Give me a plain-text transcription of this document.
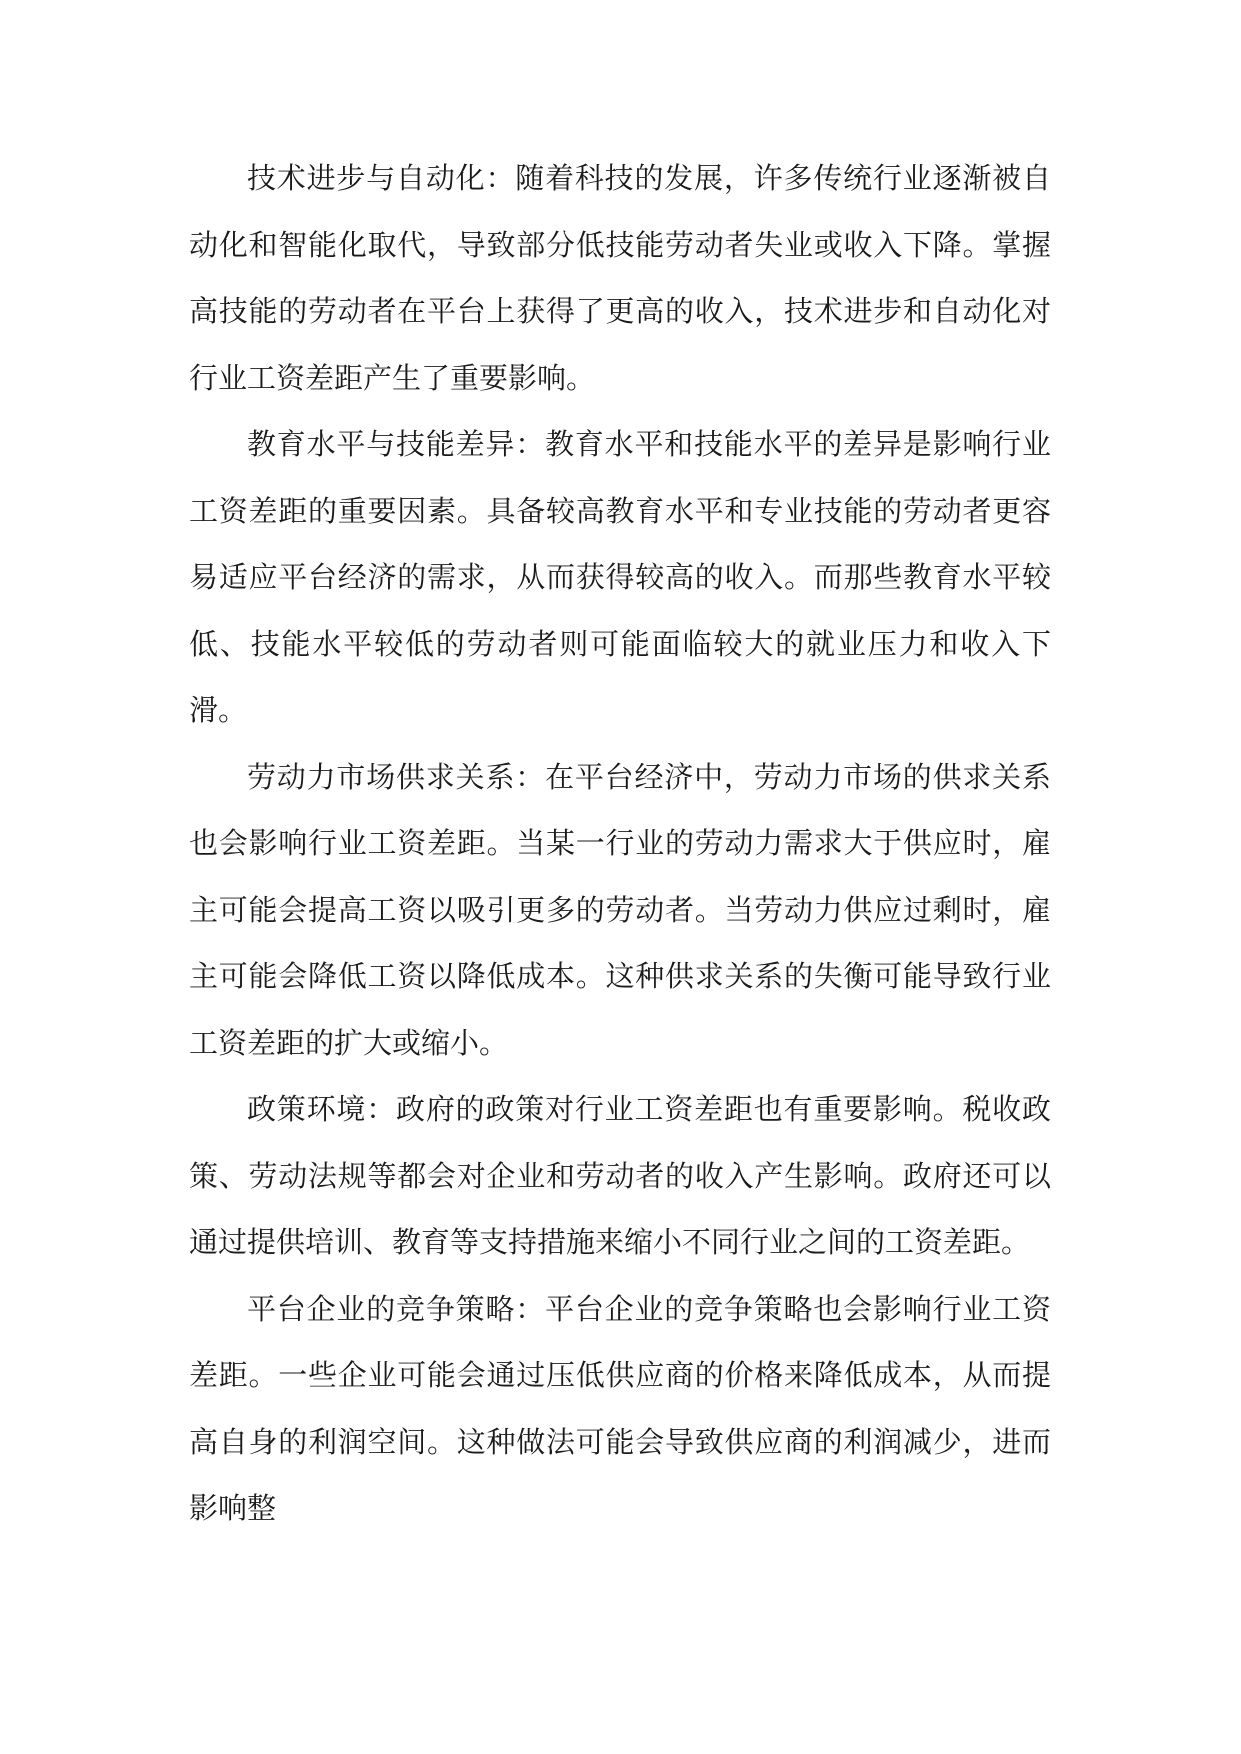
技术进步与自动化：随着科技的发展，许多传统行业逐渐被自动化和智能化取代，导致部分低技能劳动者失业或收入下降。掌握高技能的劳动者在平台上获得了更高的收入，技术进步和自动化对行业工资差距产生了重要影响。

教育水平与技能差异：教育水平和技能水平的差异是影响行业工资差距的重要因素。具备较高教育水平和专业技能的劳动者更容易适应平台经济的需求，从而获得较高的收入。而那些教育水平较低、技能水平较低的劳动者则可能面临较大的就业压力和收入下滑。

劳动力市场供求关系：在平台经济中，劳动力市场的供求关系也会影响行业工资差距。当某一行业的劳动力需求大于供应时，雇主可能会提高工资以吸引更多的劳动者。当劳动力供应过剩时，雇主可能会降低工资以降低成本。这种供求关系的失衡可能导致行业工资差距的扩大或缩小。

政策环境：政府的政策对行业工资差距也有重要影响。税收政策、劳动法规等都会对企业和劳动者的收入产生影响。政府还可以通过提供培训、教育等支持措施来缩小不同行业之间的工资差距。

平台企业的竞争策略：平台企业的竞争策略也会影响行业工资差距。一些企业可能会通过压低供应商的价格来降低成本，从而提高自身的利润空间。这种做法可能会导致供应商的利润减少，进而影响整
